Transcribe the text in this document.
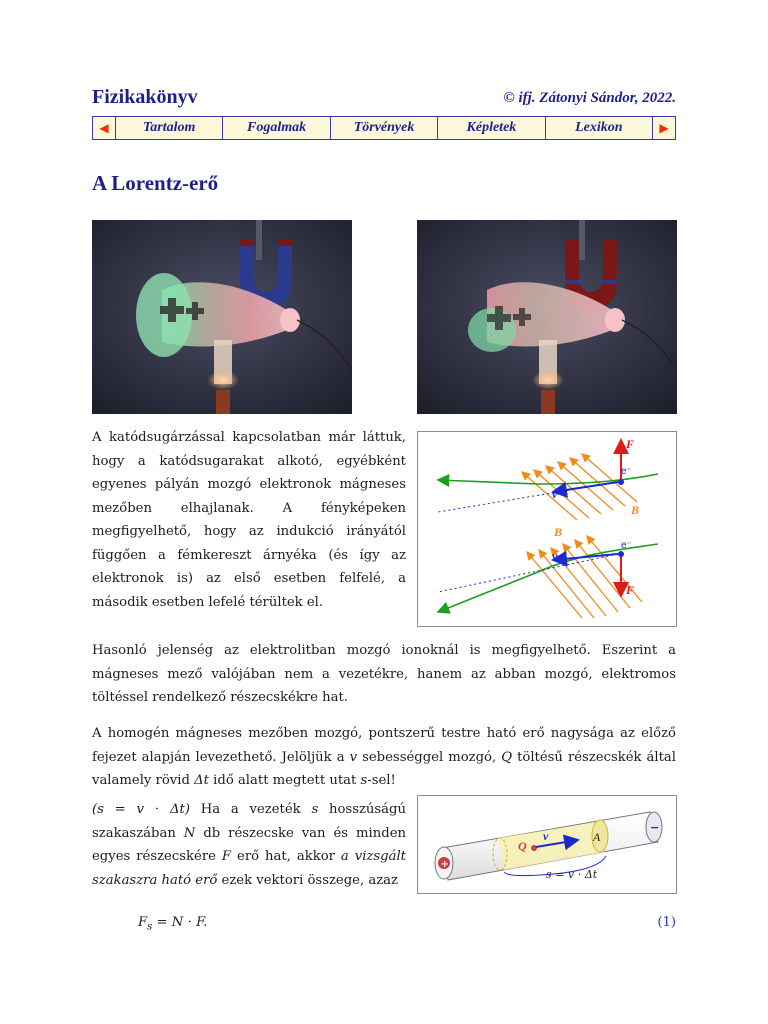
Fizikakönyv	© ifj. Zátonyi Sándor, 2022.
◀	Tartalom	Fogalmak	Törvények	Képletek	Lexikon	▶
A Lorentz-erő
A katódsugárzással kapcsolatban már láttuk, hogy a katódsugarakat alkotó, egyébként egyenes pályán mozgó elektronok mágneses mezőben elhajlanak. A fényképeken megfigyelhető, hogy az indukció irányától függően a fémkereszt árnyéka (és így az elektronok is) az első esetben felfelé, a második esetben lefelé térültek el.
F
e⁻
v
B
B
v
e⁻
F
Hasonló jelenség az elektrolitban mozgó ionoknál is megfigyelhető. Eszerint a mágneses mező valójában nem a vezetékre, hanem az abban mozgó, elektromos töltéssel rendelkező részecskékre hat.
A homogén mágneses mezőben mozgó, pontszerű testre ható erő nagysága az előző fejezet alapján levezethető. Jelöljük a v sebességgel mozgó, Q töltésű részecskék által valamely rövid Δt idő alatt megtett utat s-sel!
(s = v ⋅ Δt) Ha a vezeték s hosszúságú szakaszában N db részecske van és minden egyes részecskére F erő hat, akkor a vizsgált szakaszra ható erő ezek vektori összege, azaz
+
−
Q
v	A
s = v ⋅ Δt
$F_s = N \cdot F$.	(1)
